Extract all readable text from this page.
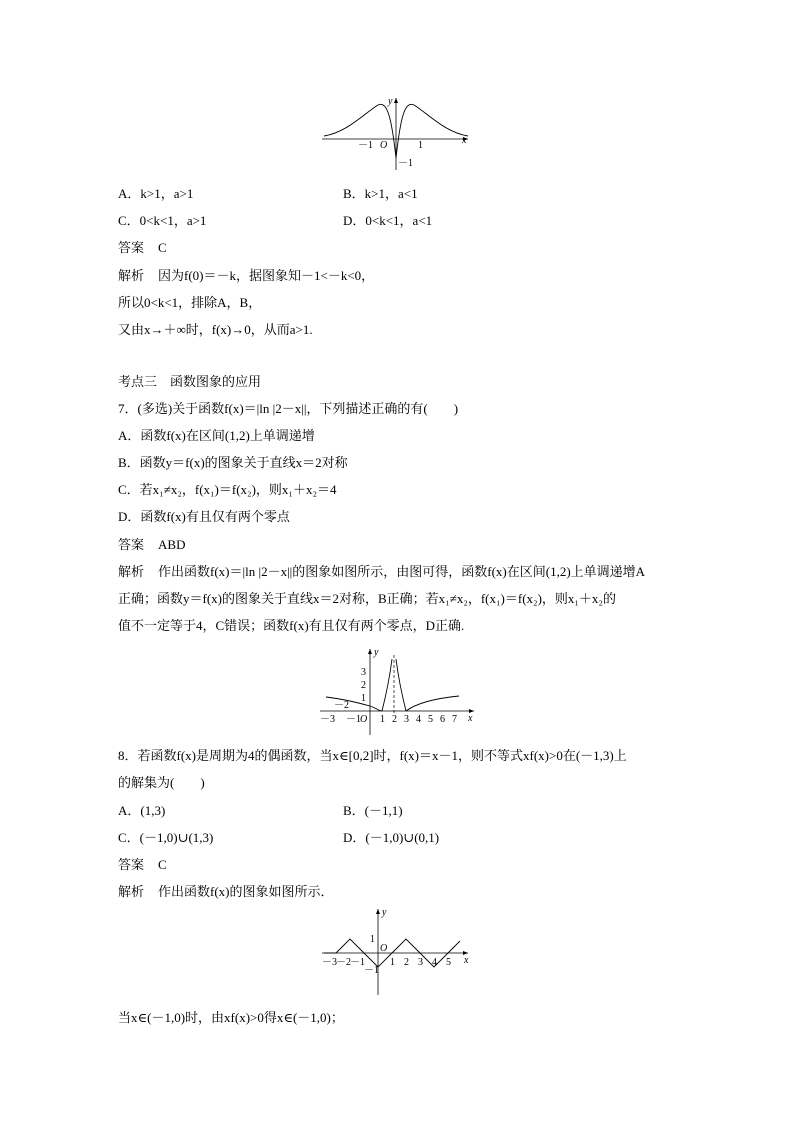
y
x
O
－1	1
－1
A．k>1，a>1	B．k>1，a<1
C．0<k<1，a>1	D．0<k<1，a<1
答案 C
解析 因为f(0)＝－k，据图象知－1<－k<0，
所以0<k<1，排除A，B，
又由x→＋∞时，f(x)→0，从而a>1.
考点三　函数图象的应用
7．(多选)关于函数f(x)＝|ln |2－x||，下列描述正确的有(　　)
A．函数f(x)在区间(1,2)上单调递增
B．函数y＝f(x)的图象关于直线x＝2对称
C．若x₁≠x₂，f(x₁)＝f(x₂)，则x₁＋x₂＝4
D．函数f(x)有且仅有两个零点
答案 ABD
解析 作出函数f(x)＝|ln |2－x||的图象如图所示，由图可得，函数f(x)在区间(1,2)上单调递增A
正确；函数y＝f(x)的图象关于直线x＝2对称，B正确；若x₁≠x₂，f(x₁)＝f(x₂)，则x₁＋x₂的
值不一定等于4，C错误；函数f(x)有且仅有两个零点，D正确.
y
x
3
2
1
－2
－3 －1 O 1 2 3 4 5 6 7
8．若函数f(x)是周期为4的偶函数，当x∈[0,2]时，f(x)＝x－1，则不等式xf(x)>0在(－1,3)上
的解集为(　　)
A．(1,3)	B．(－1,1)
C．(－1,0)∪(1,3)	D．(－1,0)∪(0,1)
答案 C
解析 作出函数f(x)的图象如图所示．
y
x
1
O
－1
－3 －2 －1	1 2 3 4 5
当x∈(－1,0)时，由xf(x)>0得x∈(－1,0)；
